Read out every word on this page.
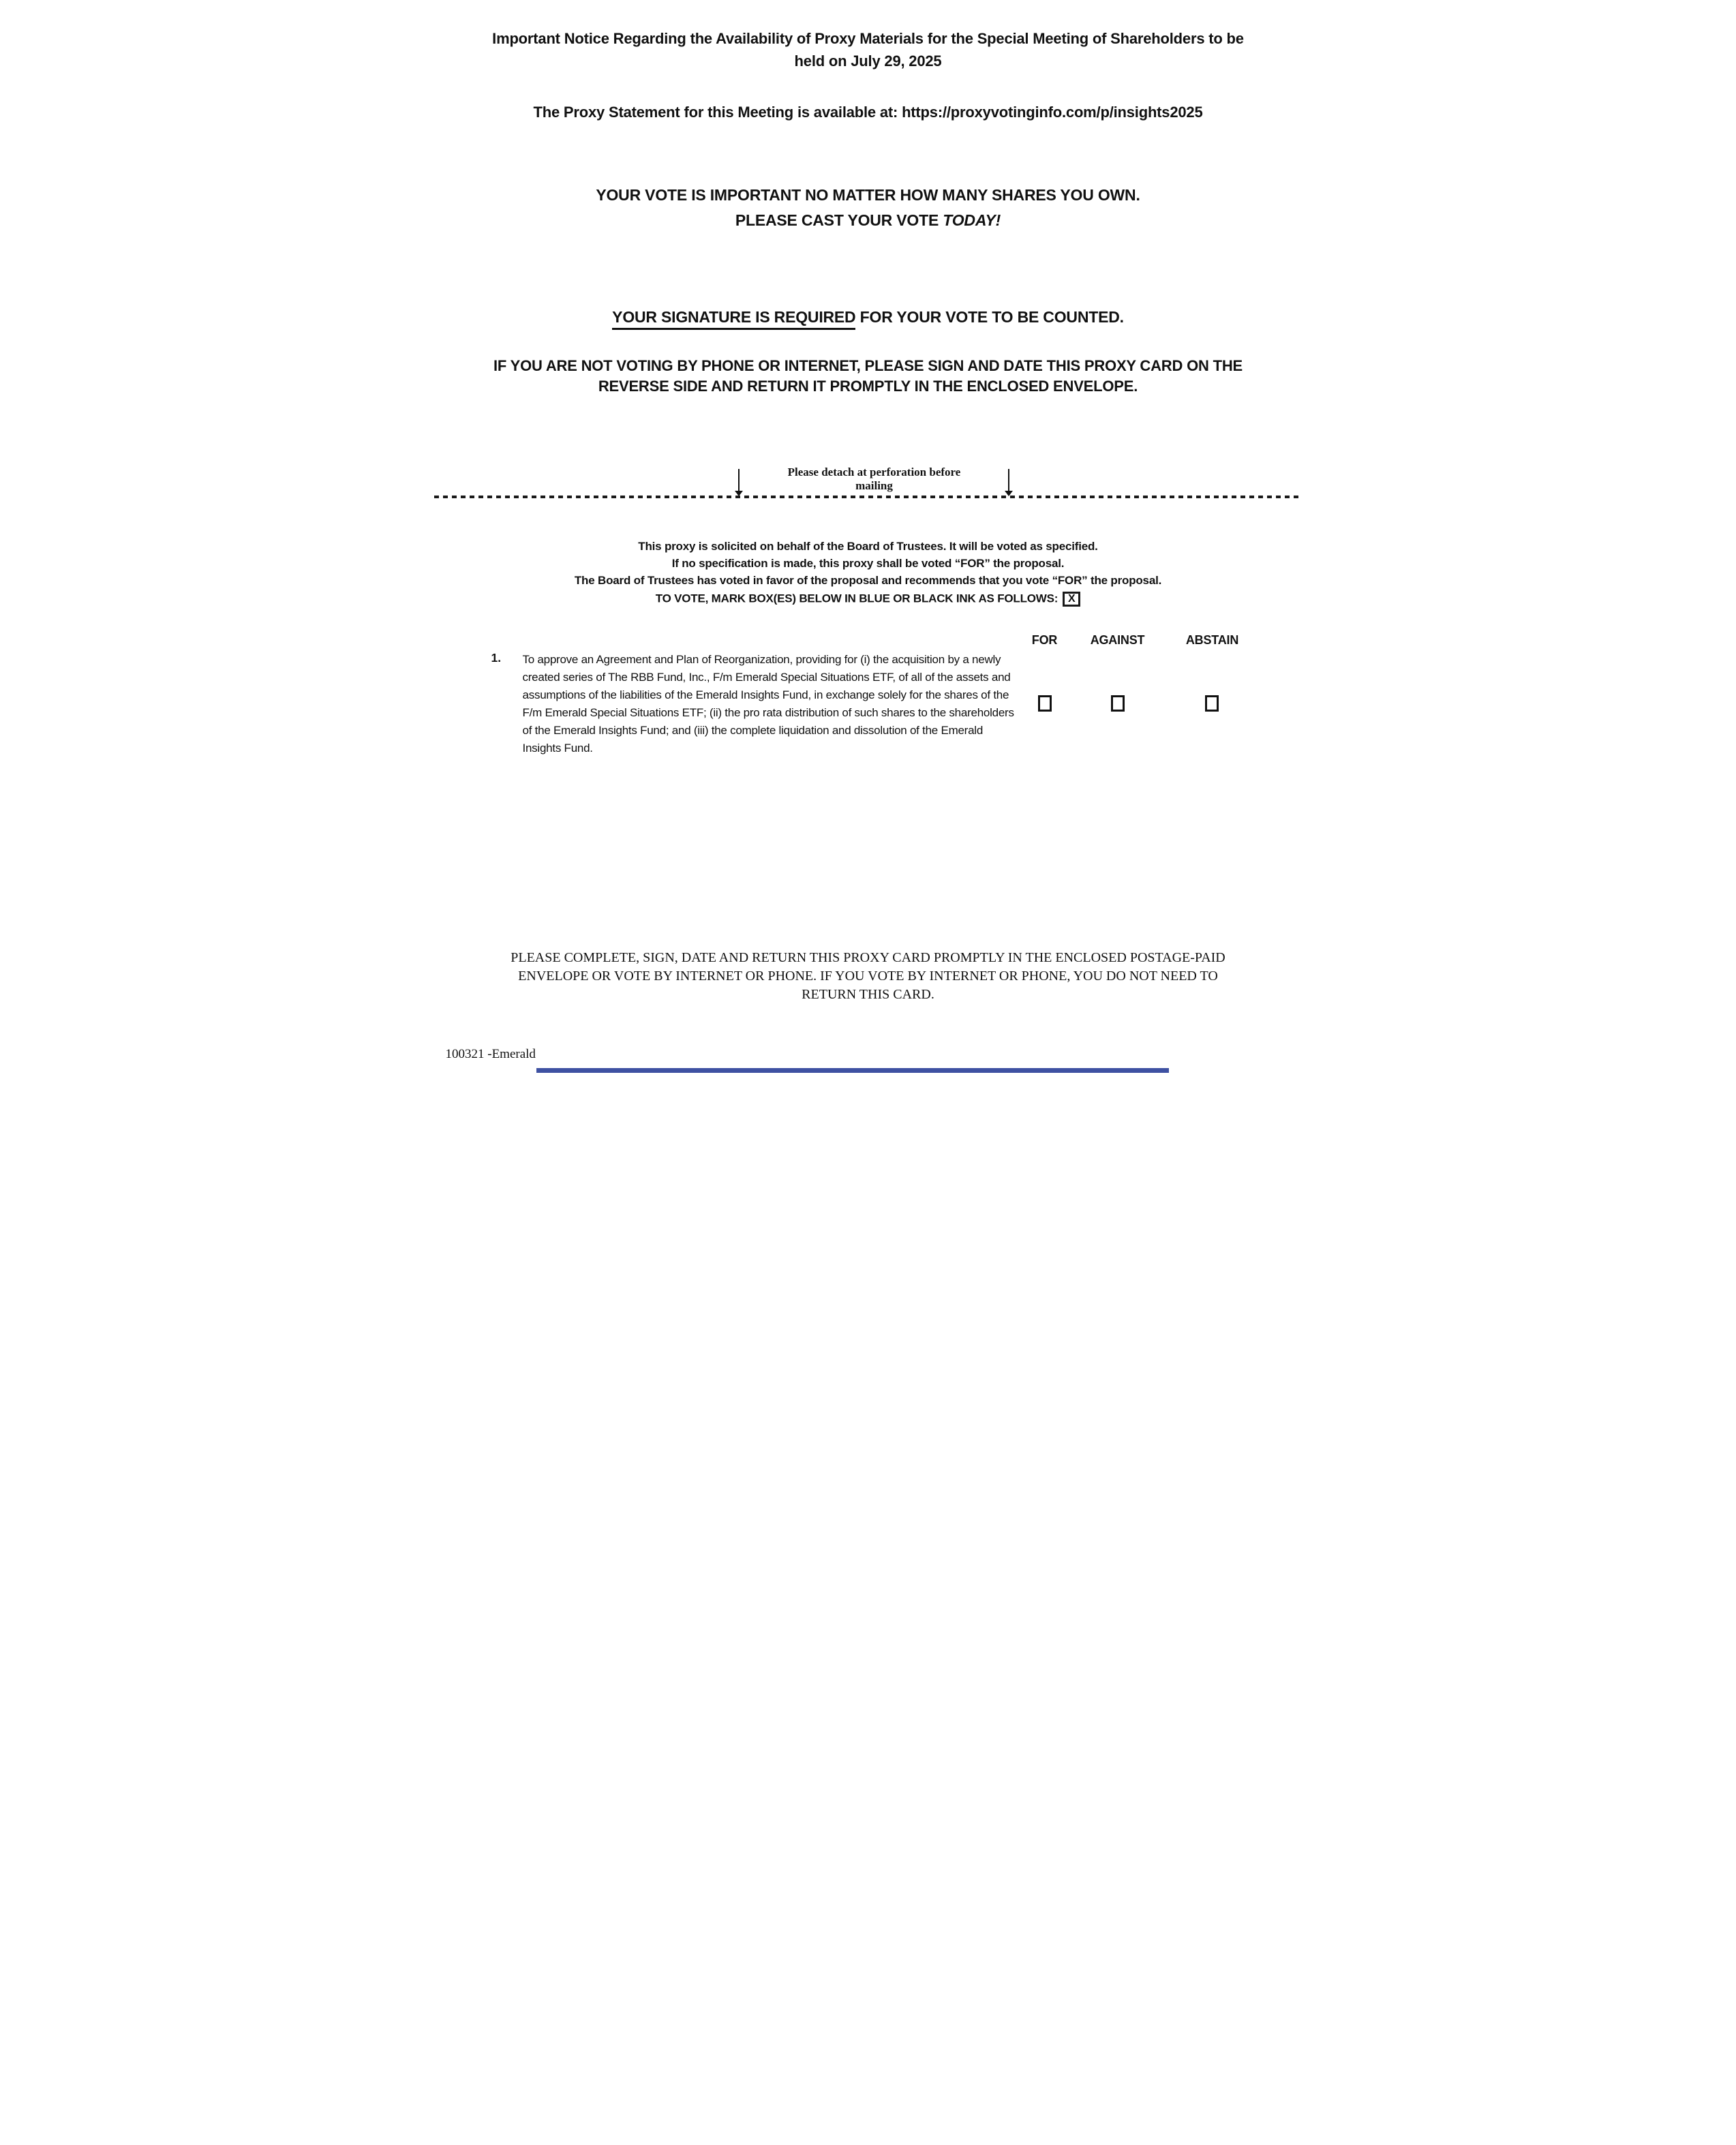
Important Notice Regarding the Availability of Proxy Materials for the Special Meeting of Shareholders to be
held on July 29, 2025
The Proxy Statement for this Meeting is available at: https://proxyvotinginfo.com/p/insights2025
YOUR VOTE IS IMPORTANT NO MATTER HOW MANY SHARES YOU OWN.
PLEASE CAST YOUR VOTE TODAY!
YOUR SIGNATURE IS REQUIRED FOR YOUR VOTE TO BE COUNTED.
IF YOU ARE NOT VOTING BY PHONE OR INTERNET, PLEASE SIGN AND DATE THIS PROXY CARD ON THE
REVERSE SIDE AND RETURN IT PROMPTLY IN THE ENCLOSED ENVELOPE.
Please detach at perforation before
mailing
This proxy is solicited on behalf of the Board of Trustees. It will be voted as specified.
If no specification is made, this proxy shall be voted “FOR” the proposal.
The Board of Trustees has voted in favor of the proposal and recommends that you vote “FOR” the proposal.
TO VOTE, MARK BOX(ES) BELOW IN BLUE OR BLACK INK AS FOLLOWS: X
FOR	AGAINST	ABSTAIN
1. To approve an Agreement and Plan of Reorganization, providing for (i) the acquisition by a newly created series of The RBB Fund, Inc., F/m Emerald Special Situations ETF, of all of the assets and assumptions of the liabilities of the Emerald Insights Fund, in exchange solely for the shares of the F/m Emerald Special Situations ETF; (ii) the pro rata distribution of such shares to the shareholders of the Emerald Insights Fund; and (iii) the complete liquidation and dissolution of the Emerald Insights Fund.
PLEASE COMPLETE, SIGN, DATE AND RETURN THIS PROXY CARD PROMPTLY IN THE ENCLOSED POSTAGE-PAID
ENVELOPE OR VOTE BY INTERNET OR PHONE. IF YOU VOTE BY INTERNET OR PHONE, YOU DO NOT NEED TO
RETURN THIS CARD.
100321 -Emerald
